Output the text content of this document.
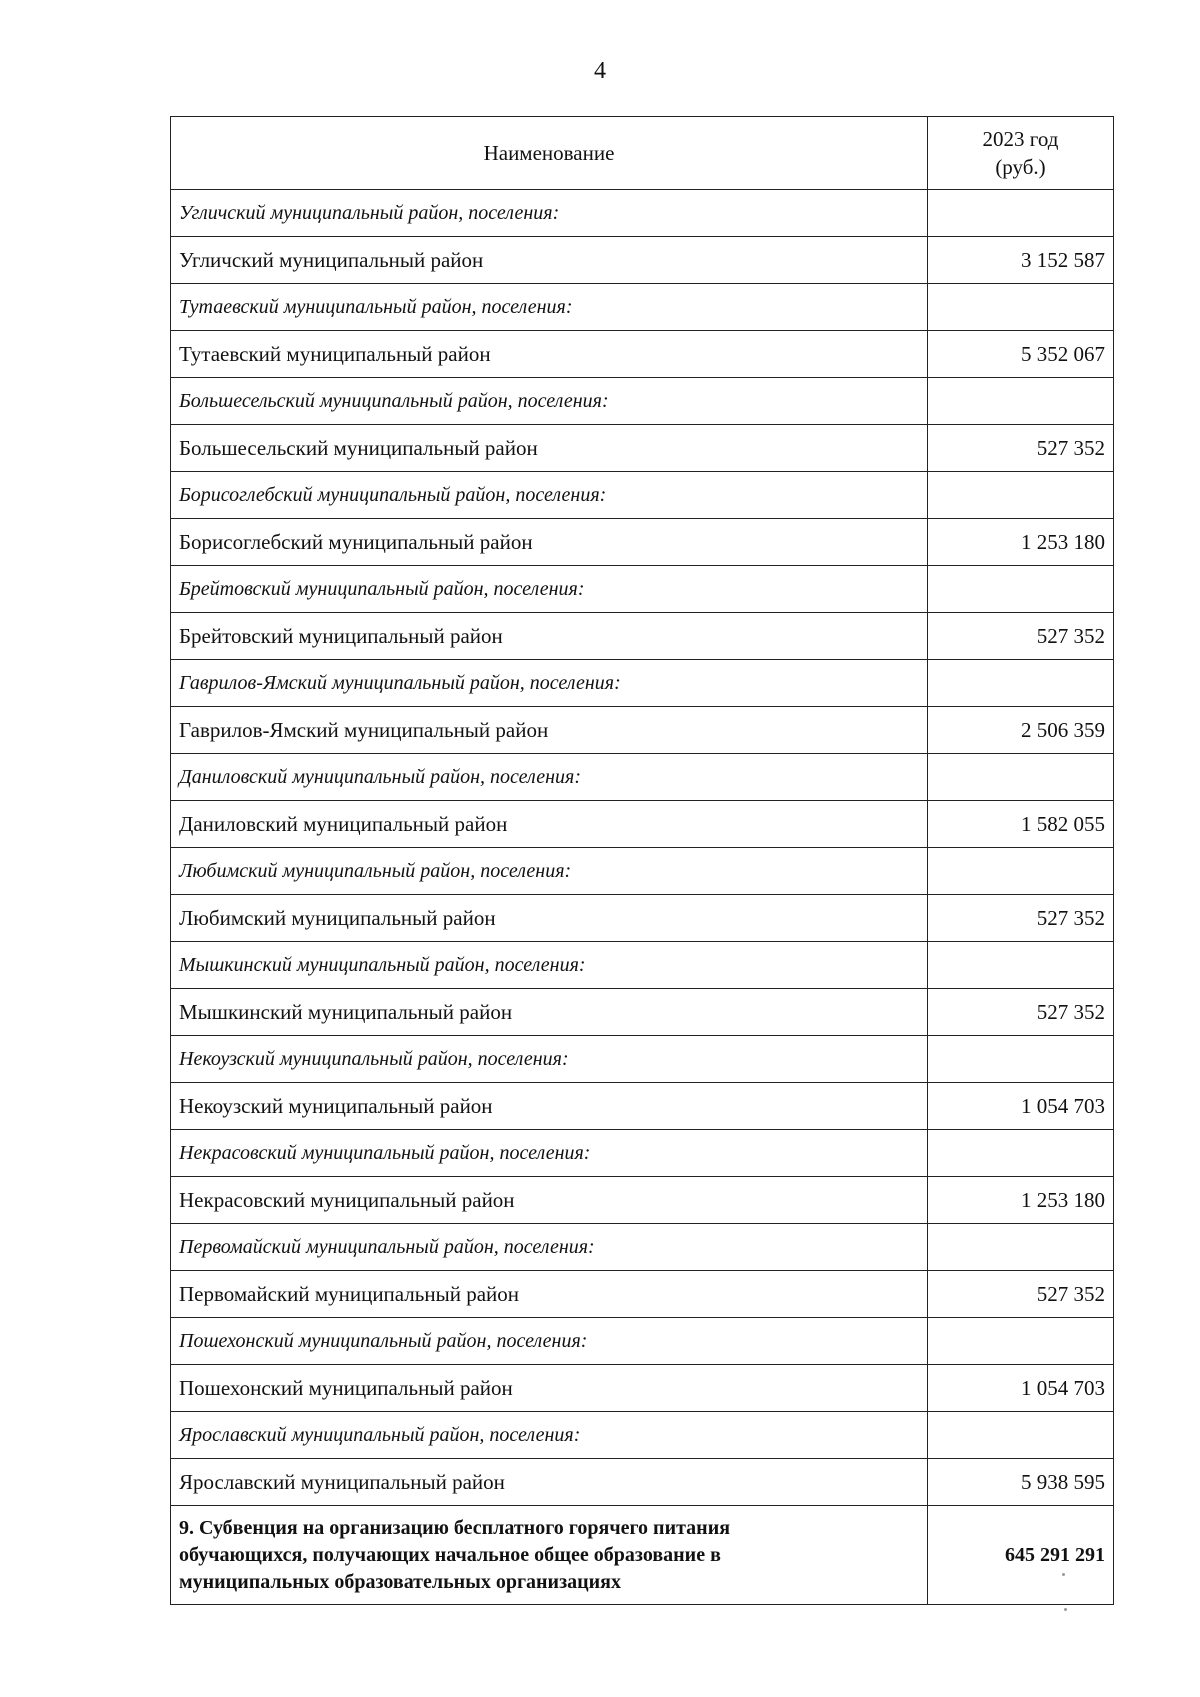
4
Наименование	2023 год
(руб.)
Угличский муниципальный район, поселения:	
Угличский муниципальный район	3 152 587
Тутаевский муниципальный район, поселения:	
Тутаевский муниципальный район	5 352 067
Большесельский муниципальный район, поселения:	
Большесельский муниципальный район	527 352
Борисоглебский муниципальный район, поселения:	
Борисоглебский муниципальный район	1 253 180
Брейтовский муниципальный район, поселения:	
Брейтовский муниципальный район	527 352
Гаврилов-Ямский муниципальный район, поселения:	
Гаврилов-Ямский муниципальный район	2 506 359
Даниловский муниципальный район, поселения:	
Даниловский муниципальный район	1 582 055
Любимский муниципальный район, поселения:	
Любимский муниципальный район	527 352
Мышкинский муниципальный район, поселения:	
Мышкинский муниципальный район	527 352
Некоузский муниципальный район, поселения:	
Некоузский муниципальный район	1 054 703
Некрасовский муниципальный район, поселения:	
Некрасовский муниципальный район	1 253 180
Первомайский муниципальный район, поселения:	
Первомайский муниципальный район	527 352
Пошехонский муниципальный район, поселения:	
Пошехонский муниципальный район	1 054 703
Ярославский муниципальный район, поселения:	
Ярославский муниципальный район	5 938 595
9. Субвенция на организацию бесплатного горячего питания
обучающихся, получающих начальное общее образование в
муниципальных образовательных организациях	645 291 291
